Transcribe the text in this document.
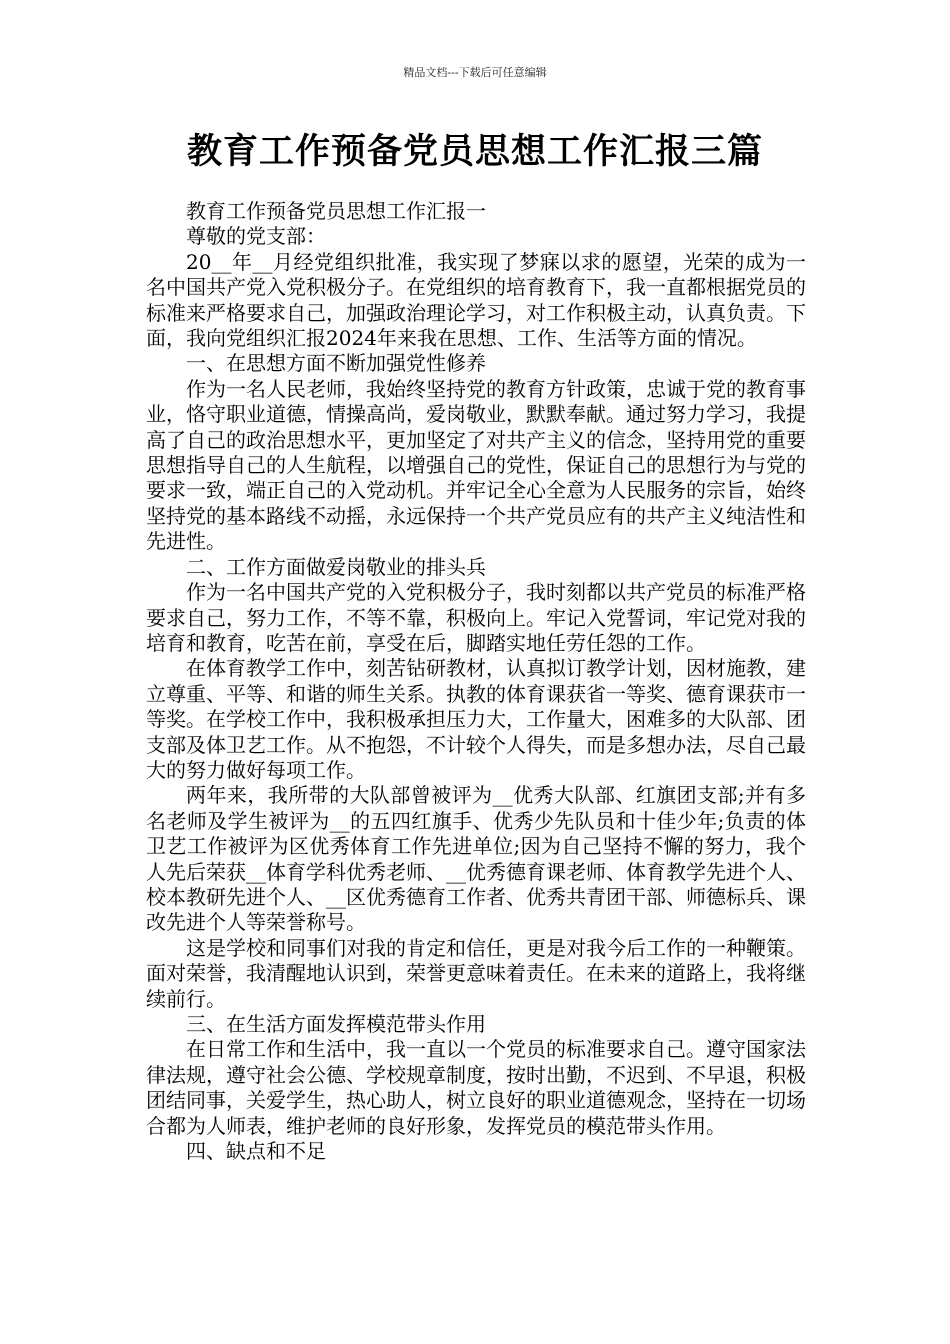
精品文档---下载后可任意编辑
教育工作预备党员思想工作汇报三篇

教育工作预备党员思想工作汇报一

尊敬的党支部：

20__年__月经党组织批准，我实现了梦寐以求的愿望，光荣的成为一名中国共产党入党积极分子。在党组织的培育教育下，我一直都根据党员的标准来严格要求自己，加强政治理论学习，对工作积极主动，认真负责。下面，我向党组织汇报2024年来我在思想、工作、生活等方面的情况。

一、在思想方面不断加强党性修养

作为一名人民老师，我始终坚持党的教育方针政策，忠诚于党的教育事业，恪守职业道德，情操高尚，爱岗敬业，默默奉献。通过努力学习，我提高了自己的政治思想水平，更加坚定了对共产主义的信念，坚持用党的重要思想指导自己的人生航程，以增强自己的党性，保证自己的思想行为与党的要求一致，端正自己的入党动机。并牢记全心全意为人民服务的宗旨，始终坚持党的基本路线不动摇，永远保持一个共产党员应有的共产主义纯洁性和先进性。

二、工作方面做爱岗敬业的排头兵

作为一名中国共产党的入党积极分子，我时刻都以共产党员的标准严格要求自己，努力工作，不等不靠，积极向上。牢记入党誓词，牢记党对我的培育和教育，吃苦在前，享受在后，脚踏实地任劳任怨的工作。

在体育教学工作中，刻苦钻研教材，认真拟订教学计划，因材施教，建立尊重、平等、和谐的师生关系。执教的体育课获省一等奖、德育课获市一等奖。在学校工作中，我积极承担压力大，工作量大，困难多的大队部、团支部及体卫艺工作。从不抱怨，不计较个人得失，而是多想办法，尽自己最大的努力做好每项工作。

两年来，我所带的大队部曾被评为__优秀大队部、红旗团支部;并有多名老师及学生被评为__的五四红旗手、优秀少先队员和十佳少年;负责的体卫艺工作被评为区优秀体育工作先进单位;因为自己坚持不懈的努力，我个人先后荣获__体育学科优秀老师、__优秀德育课老师、体育教学先进个人、校本教研先进个人、__区优秀德育工作者、优秀共青团干部、师德标兵、课改先进个人等荣誉称号。

这是学校和同事们对我的肯定和信任，更是对我今后工作的一种鞭策。面对荣誉，我清醒地认识到，荣誉更意味着责任。在未来的道路上，我将继续前行。

三、在生活方面发挥模范带头作用

在日常工作和生活中，我一直以一个党员的标准要求自己。遵守国家法律法规，遵守社会公德、学校规章制度，按时出勤，不迟到、不早退，积极团结同事，关爱学生，热心助人，树立良好的职业道德观念，坚持在一切场合都为人师表，维护老师的良好形象，发挥党员的模范带头作用。

四、缺点和不足
